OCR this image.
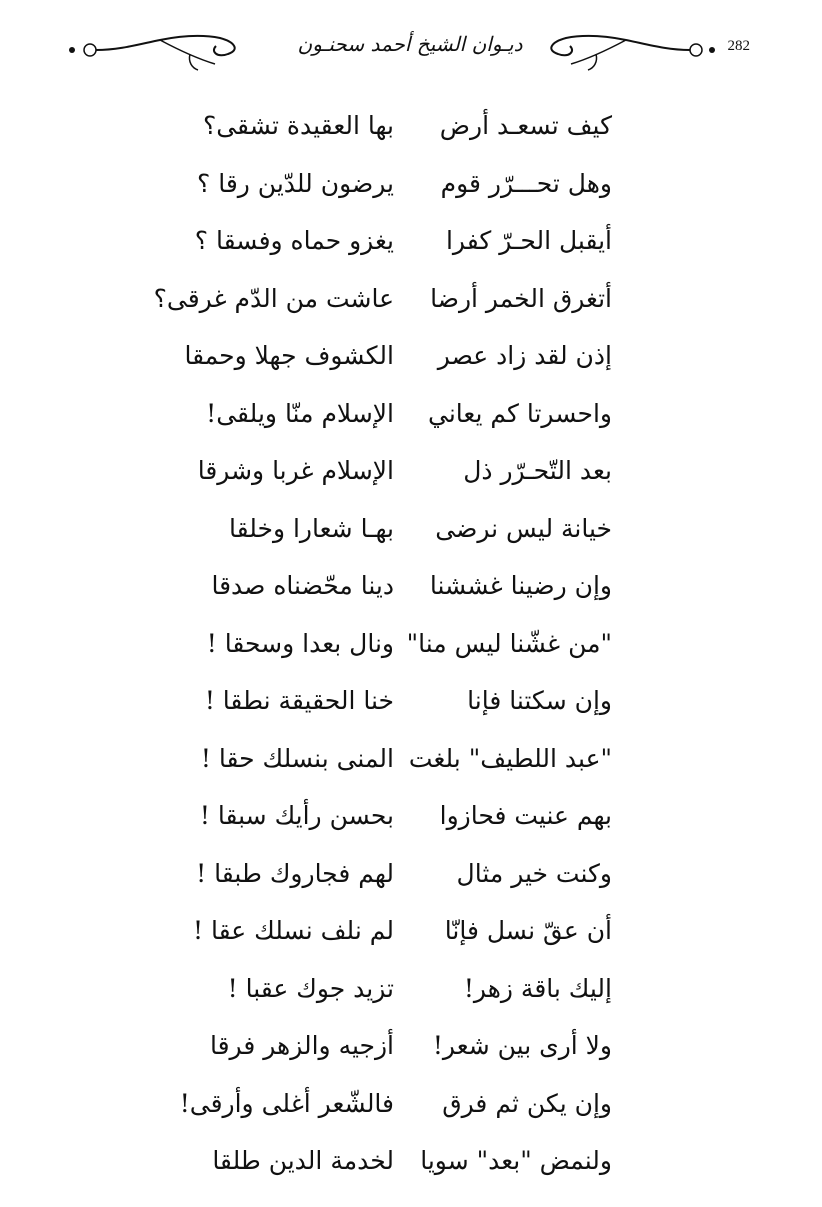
ديـوان الشيخ أحمد سحنـون	282
كيف تسعـد أرض
بها العقيدة تشقى؟
وهل تحـــرّر قوم
يرضون للدّين رقا ؟
أيقبل الحـرّ كفرا
يغزو حماه وفسقا ؟
أتغرق الخمر أرضا
عاشت من الدّم غرقى؟
إذن لقد زاد عصر
الكشوف جهلا وحمقا
واحسرتا كم يعاني
الإسلام منّا ويلقى!
بعد التّحـرّر ذل
الإسلام غربا وشرقا
خيانة ليس نرضى
بهـا شعارا وخلقا
وإن رضينا غششنا
دينا محّضناه صدقا
"من غشّنا ليس منا"
ونال بعدا وسحقا !
وإن سكتنا فإنا
خنا الحقيقة نطقا !
"عبد اللطيف" بلغت
المنى بنسلك حقا !
بهم عنيت فحازوا
بحسن رأيك سبقا !
وكنت خير مثال
لهم فجاروك طبقا !
أن عقّ نسل فإنّا
لم نلف نسلك عقا !
إليك باقة زهر!
تزيد جوك عقبا !
ولا أرى بين شعر!
أزجيه والزهر فرقا
وإن يكن ثم فرق
فالشّعر أغلى وأرقى!
ولنمض "بعد" سويا
لخدمة الدين طلقا
